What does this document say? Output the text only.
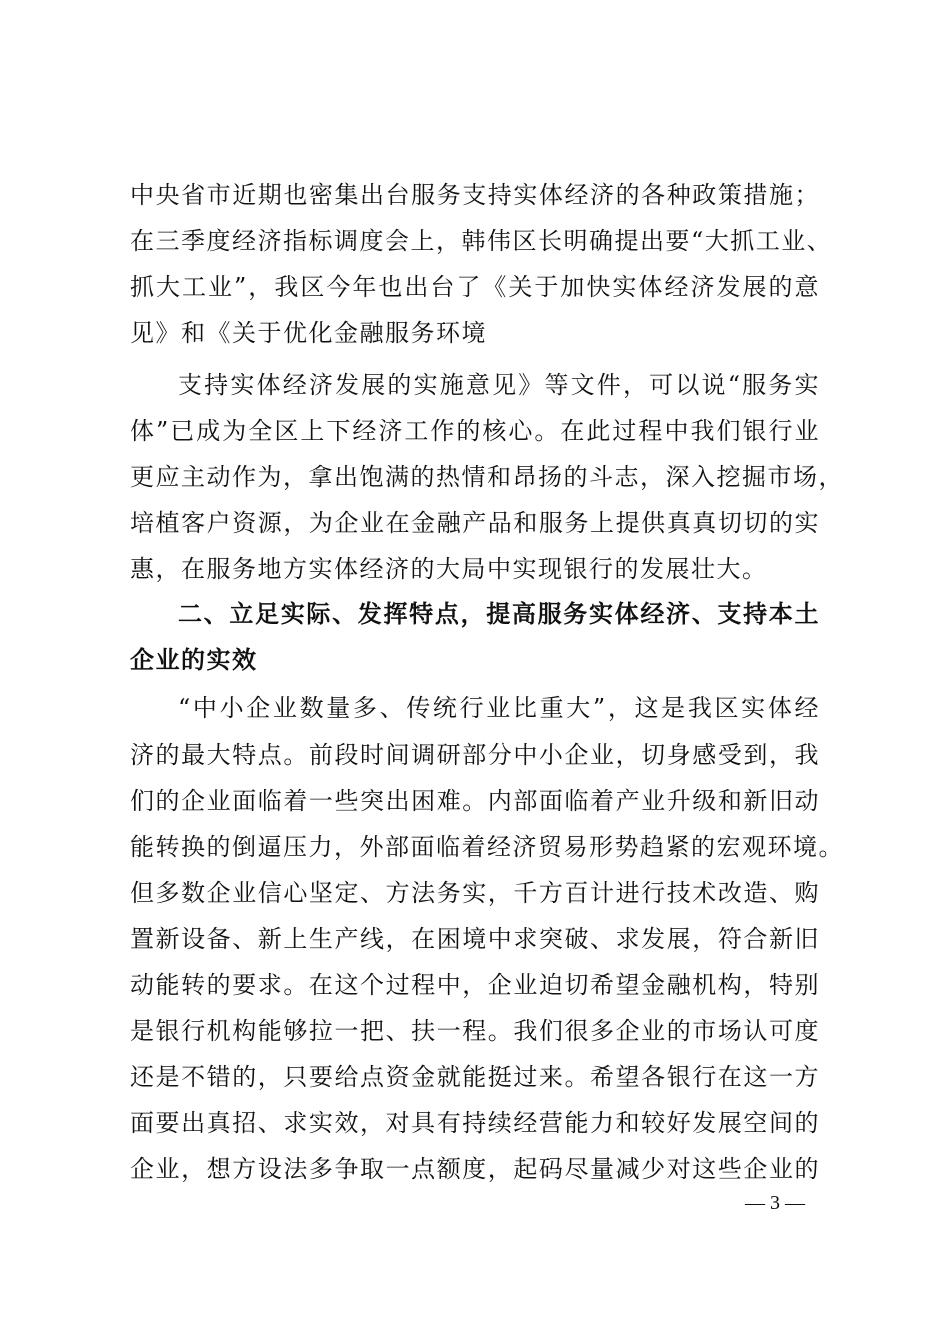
中央省市近期也密集出台服务支持实体经济的各种政策措施；
在三季度经济指标调度会上，韩伟区长明确提出要“大抓工业、
抓大工业”，我区今年也出台了《关于加快实体经济发展的意
见》和《关于优化金融服务环境
支持实体经济发展的实施意见》等文件，可以说“服务实
体”已成为全区上下经济工作的核心。在此过程中我们银行业
更应主动作为，拿出饱满的热情和昂扬的斗志，深入挖掘市场，
培植客户资源，为企业在金融产品和服务上提供真真切切的实
惠，在服务地方实体经济的大局中实现银行的发展壮大。
二、立足实际、发挥特点，提高服务实体经济、支持本土
企业的实效
“中小企业数量多、传统行业比重大”，这是我区实体经
济的最大特点。前段时间调研部分中小企业，切身感受到，我
们的企业面临着一些突出困难。内部面临着产业升级和新旧动
能转换的倒逼压力，外部面临着经济贸易形势趋紧的宏观环境。
但多数企业信心坚定、方法务实，千方百计进行技术改造、购
置新设备、新上生产线，在困境中求突破、求发展，符合新旧
动能转的要求。在这个过程中，企业迫切希望金融机构，特别
是银行机构能够拉一把、扶一程。我们很多企业的市场认可度
还是不错的，只要给点资金就能挺过来。希望各银行在这一方
面要出真招、求实效，对具有持续经营能力和较好发展空间的
企业，想方设法多争取一点额度，起码尽量减少对这些企业的
— 3 —
